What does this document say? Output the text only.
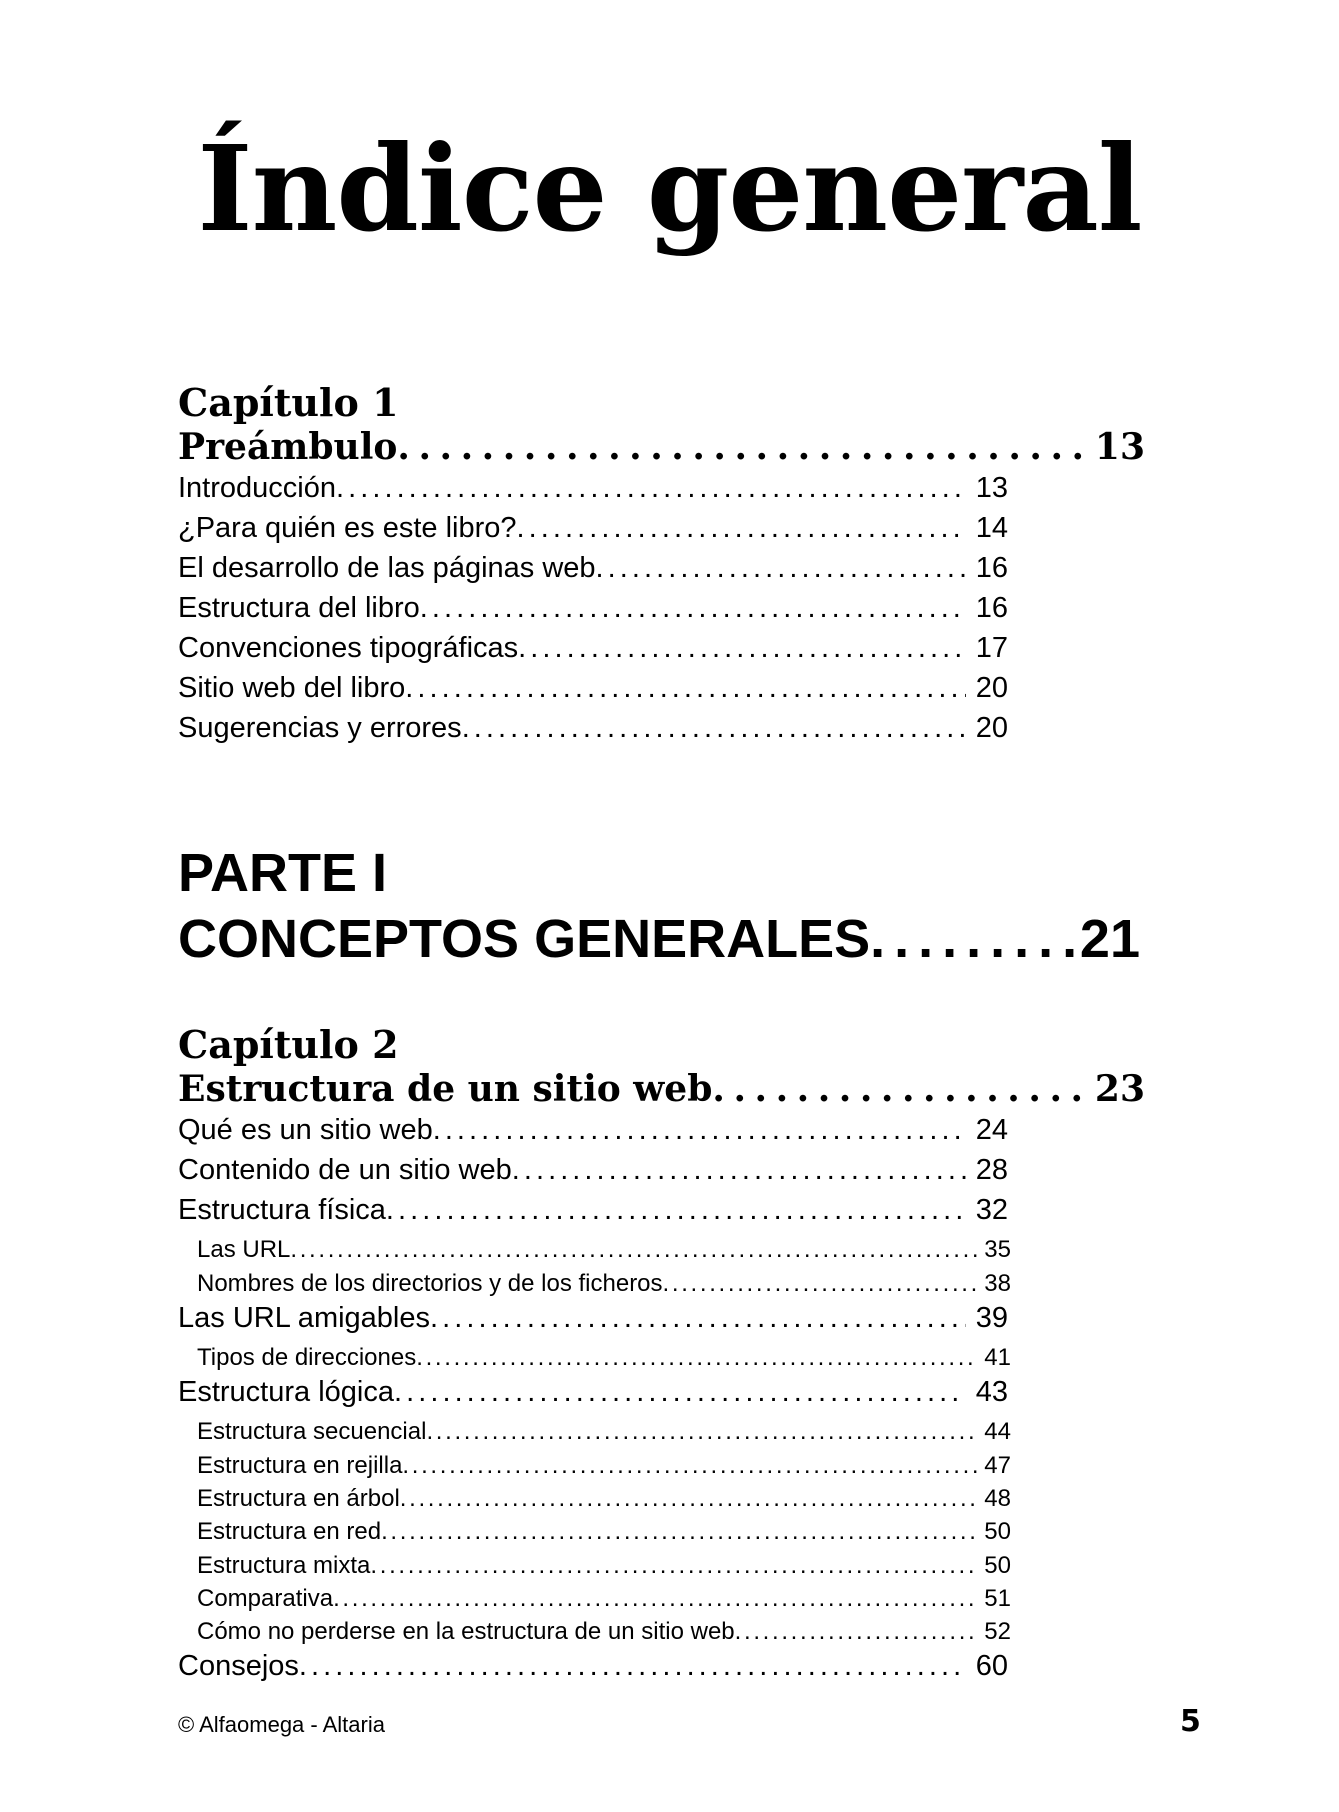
Índice general
Capítulo 1
Preámbulo . . .	13
Introducción . . .	13
¿Para quién es este libro? . . .	14
El desarrollo de las páginas web . . .	16
Estructura del libro . . .	16
Convenciones tipográficas . . .	17
Sitio web del libro . . .	20
Sugerencias y errores . . .	20
PARTE I
CONCEPTOS GENERALES . . .	21
Capítulo 2
Estructura de un sitio web . . .	23
Qué es un sitio web . . .	24
Contenido de un sitio web . . .	28
Estructura física . . .	32
Las URL . . .	35
Nombres de los directorios y de los ficheros . . .	38
Las URL amigables . . .	39
Tipos de direcciones . . .	41
Estructura lógica . . .	43
Estructura secuencial . . .	44
Estructura en rejilla . . .	47
Estructura en árbol . . .	48
Estructura en red . . .	50
Estructura mixta . . .	50
Comparativa . . .	51
Cómo no perderse en la estructura de un sitio web . . .	52
Consejos . . .	60
© Alfaomega - Altaria	5
